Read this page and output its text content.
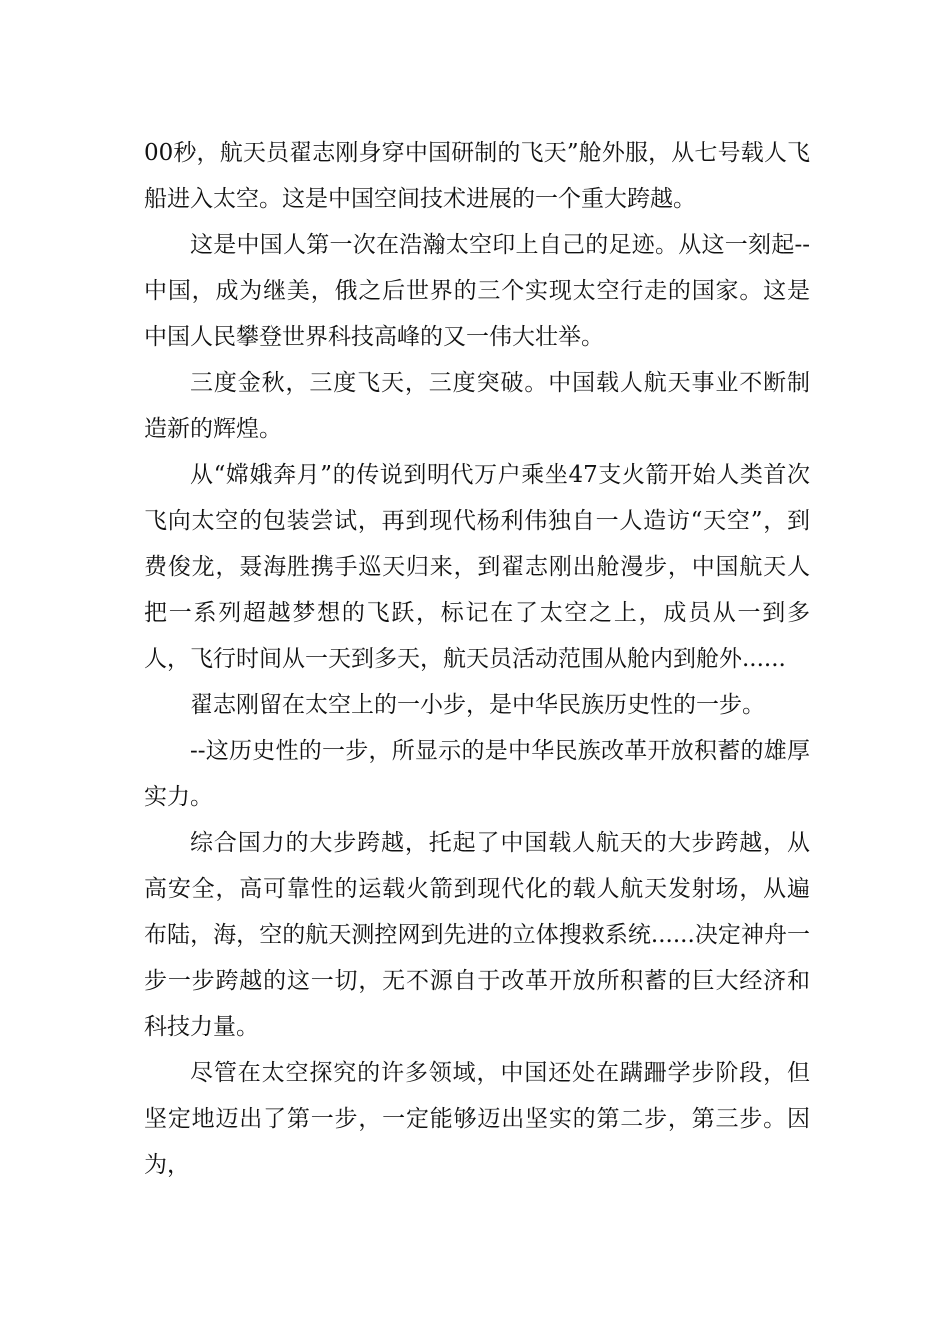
00秒，航天员翟志刚身穿中国研制的飞天”舱外服，从七号载人飞船进入太空。这是中国空间技术进展的一个重大跨越。

这是中国人第一次在浩瀚太空印上自己的足迹。从这一刻起--中国，成为继美，俄之后世界的三个实现太空行走的国家。这是中国人民攀登世界科技高峰的又一伟大壮举。

三度金秋，三度飞天，三度突破。中国载人航天事业不断制造新的辉煌。

从“嫦娥奔月”的传说到明代万户乘坐47支火箭开始人类首次飞向太空的包装尝试，再到现代杨利伟独自一人造访“天空”，到费俊龙，聂海胜携手巡天归来，到翟志刚出舱漫步，中国航天人把一系列超越梦想的飞跃，标记在了太空之上，成员从一到多人，飞行时间从一天到多天，航天员活动范围从舱内到舱外......

翟志刚留在太空上的一小步，是中华民族历史性的一步。

--这历史性的一步，所显示的是中华民族改革开放积蓄的雄厚实力。

综合国力的大步跨越，托起了中国载人航天的大步跨越，从高安全，高可靠性的运载火箭到现代化的载人航天发射场，从遍布陆，海，空的航天测控网到先进的立体搜救系统......决定神舟一步一步跨越的这一切，无不源自于改革开放所积蓄的巨大经济和科技力量。

尽管在太空探究的许多领域，中国还处在蹒跚学步阶段，但坚定地迈出了第一步，一定能够迈出坚实的第二步，第三步。因为，
